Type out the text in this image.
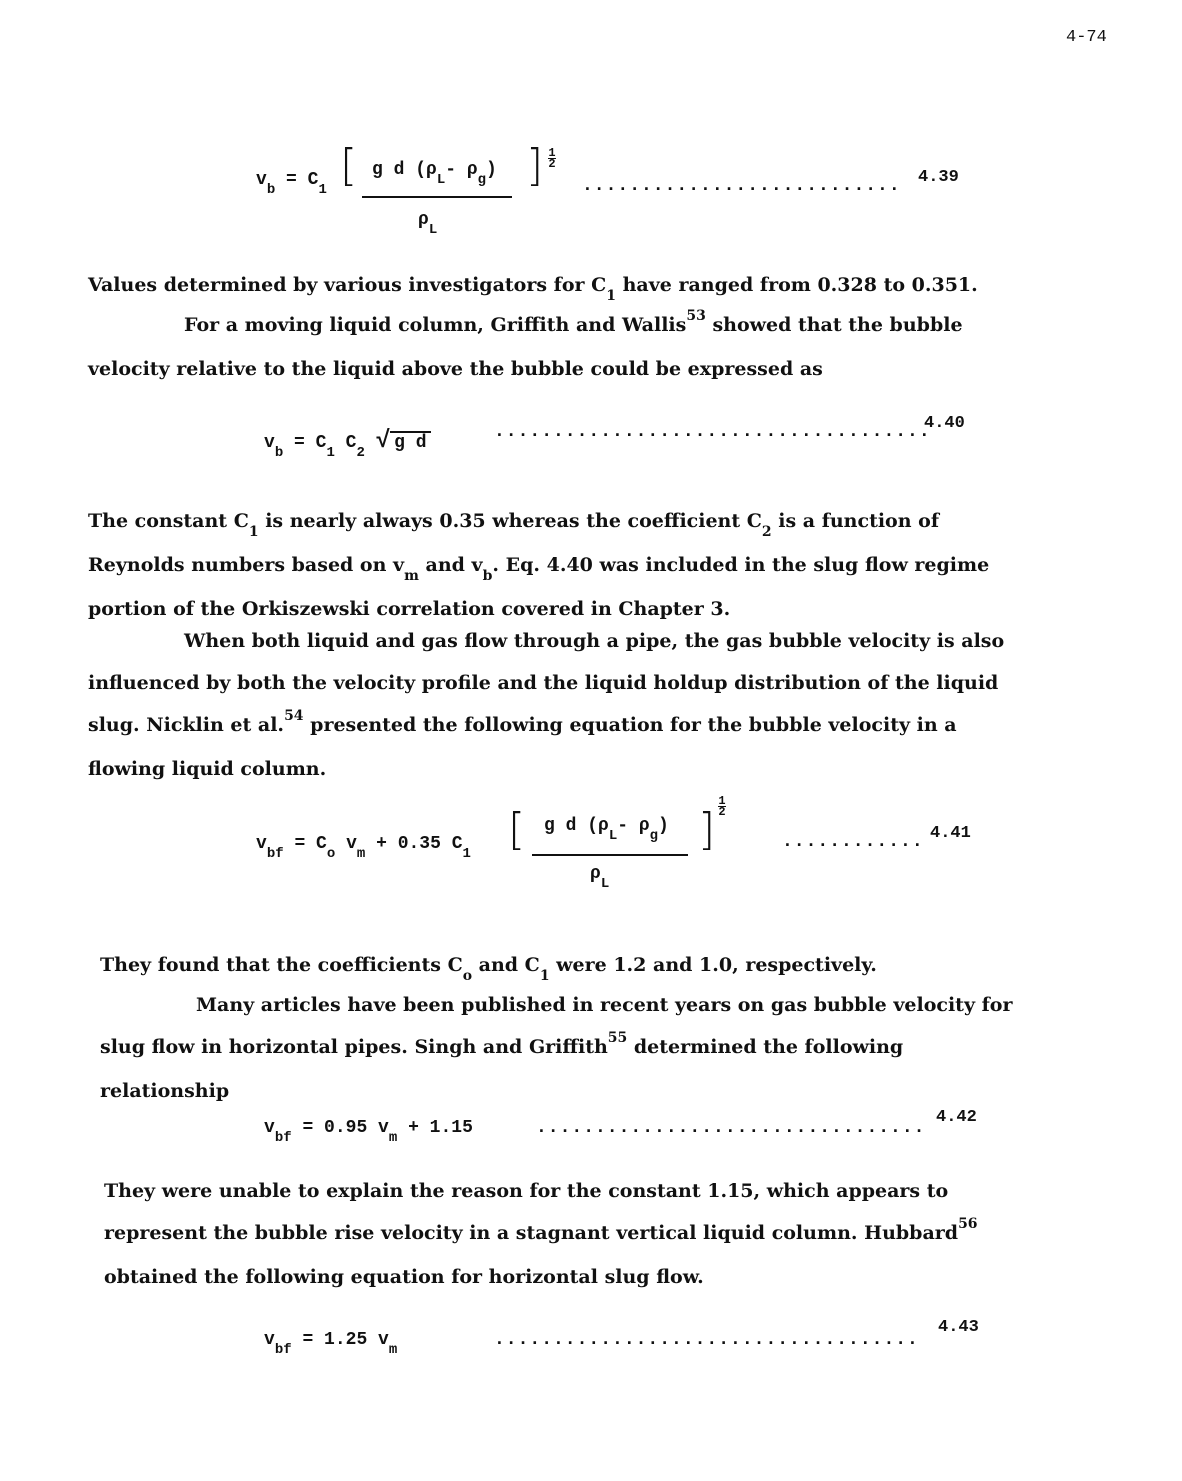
4-74
$v_b = C_1$ [ g d ($\rho_L-$ $\rho_g$)
$\rho_L$
] 1
2
........................... 4.39
Values determined by various investigators for $C_1$ have ranged from 0.328 to 0.351.
For a moving liquid column, Griffith and Wallis$^{53}$ showed that the bubble velocity relative to the liquid above the bubble could be expressed as
$v_b = C_1$ $C_2$ √ g d
.....................................
4.40
The constant $C_1$ is nearly always 0.35 whereas the coefficient $C_2$ is a function of Reynolds numbers based on $v_m$ and $v_b$. Eq. 4.40 was included in the slug flow regime portion of the Orkiszewski correlation covered in Chapter 3.
When both liquid and gas flow through a pipe, the gas bubble velocity is also influenced by both the velocity profile and the liquid holdup distribution of the liquid slug. Nicklin et al.$^{54}$ presented the following equation for the bubble velocity in a flowing liquid column.
$v_{bf} = C_o$ $v_m + 0.35$ $C_1$ [ g d ($\rho_L-$ $\rho_g$)
$\rho_L$
]
1
2
............ 4.41
They found that the coefficients $C_o$ and $C_1$ were 1.2 and 1.0, respectively.
Many articles have been published in recent years on gas bubble velocity for slug flow in horizontal pipes. Singh and Griffith$^{55}$ determined the following relationship
$v_{bf} = 0.95$ $v_m + 1.15$	.................................
4.42
They were unable to explain the reason for the constant 1.15, which appears to represent the bubble rise velocity in a stagnant vertical liquid column. Hubbard$^{56}$ obtained the following equation for horizontal slug flow.
$v_{bf} = 1.25$ $v_m$	....................................
4.43
